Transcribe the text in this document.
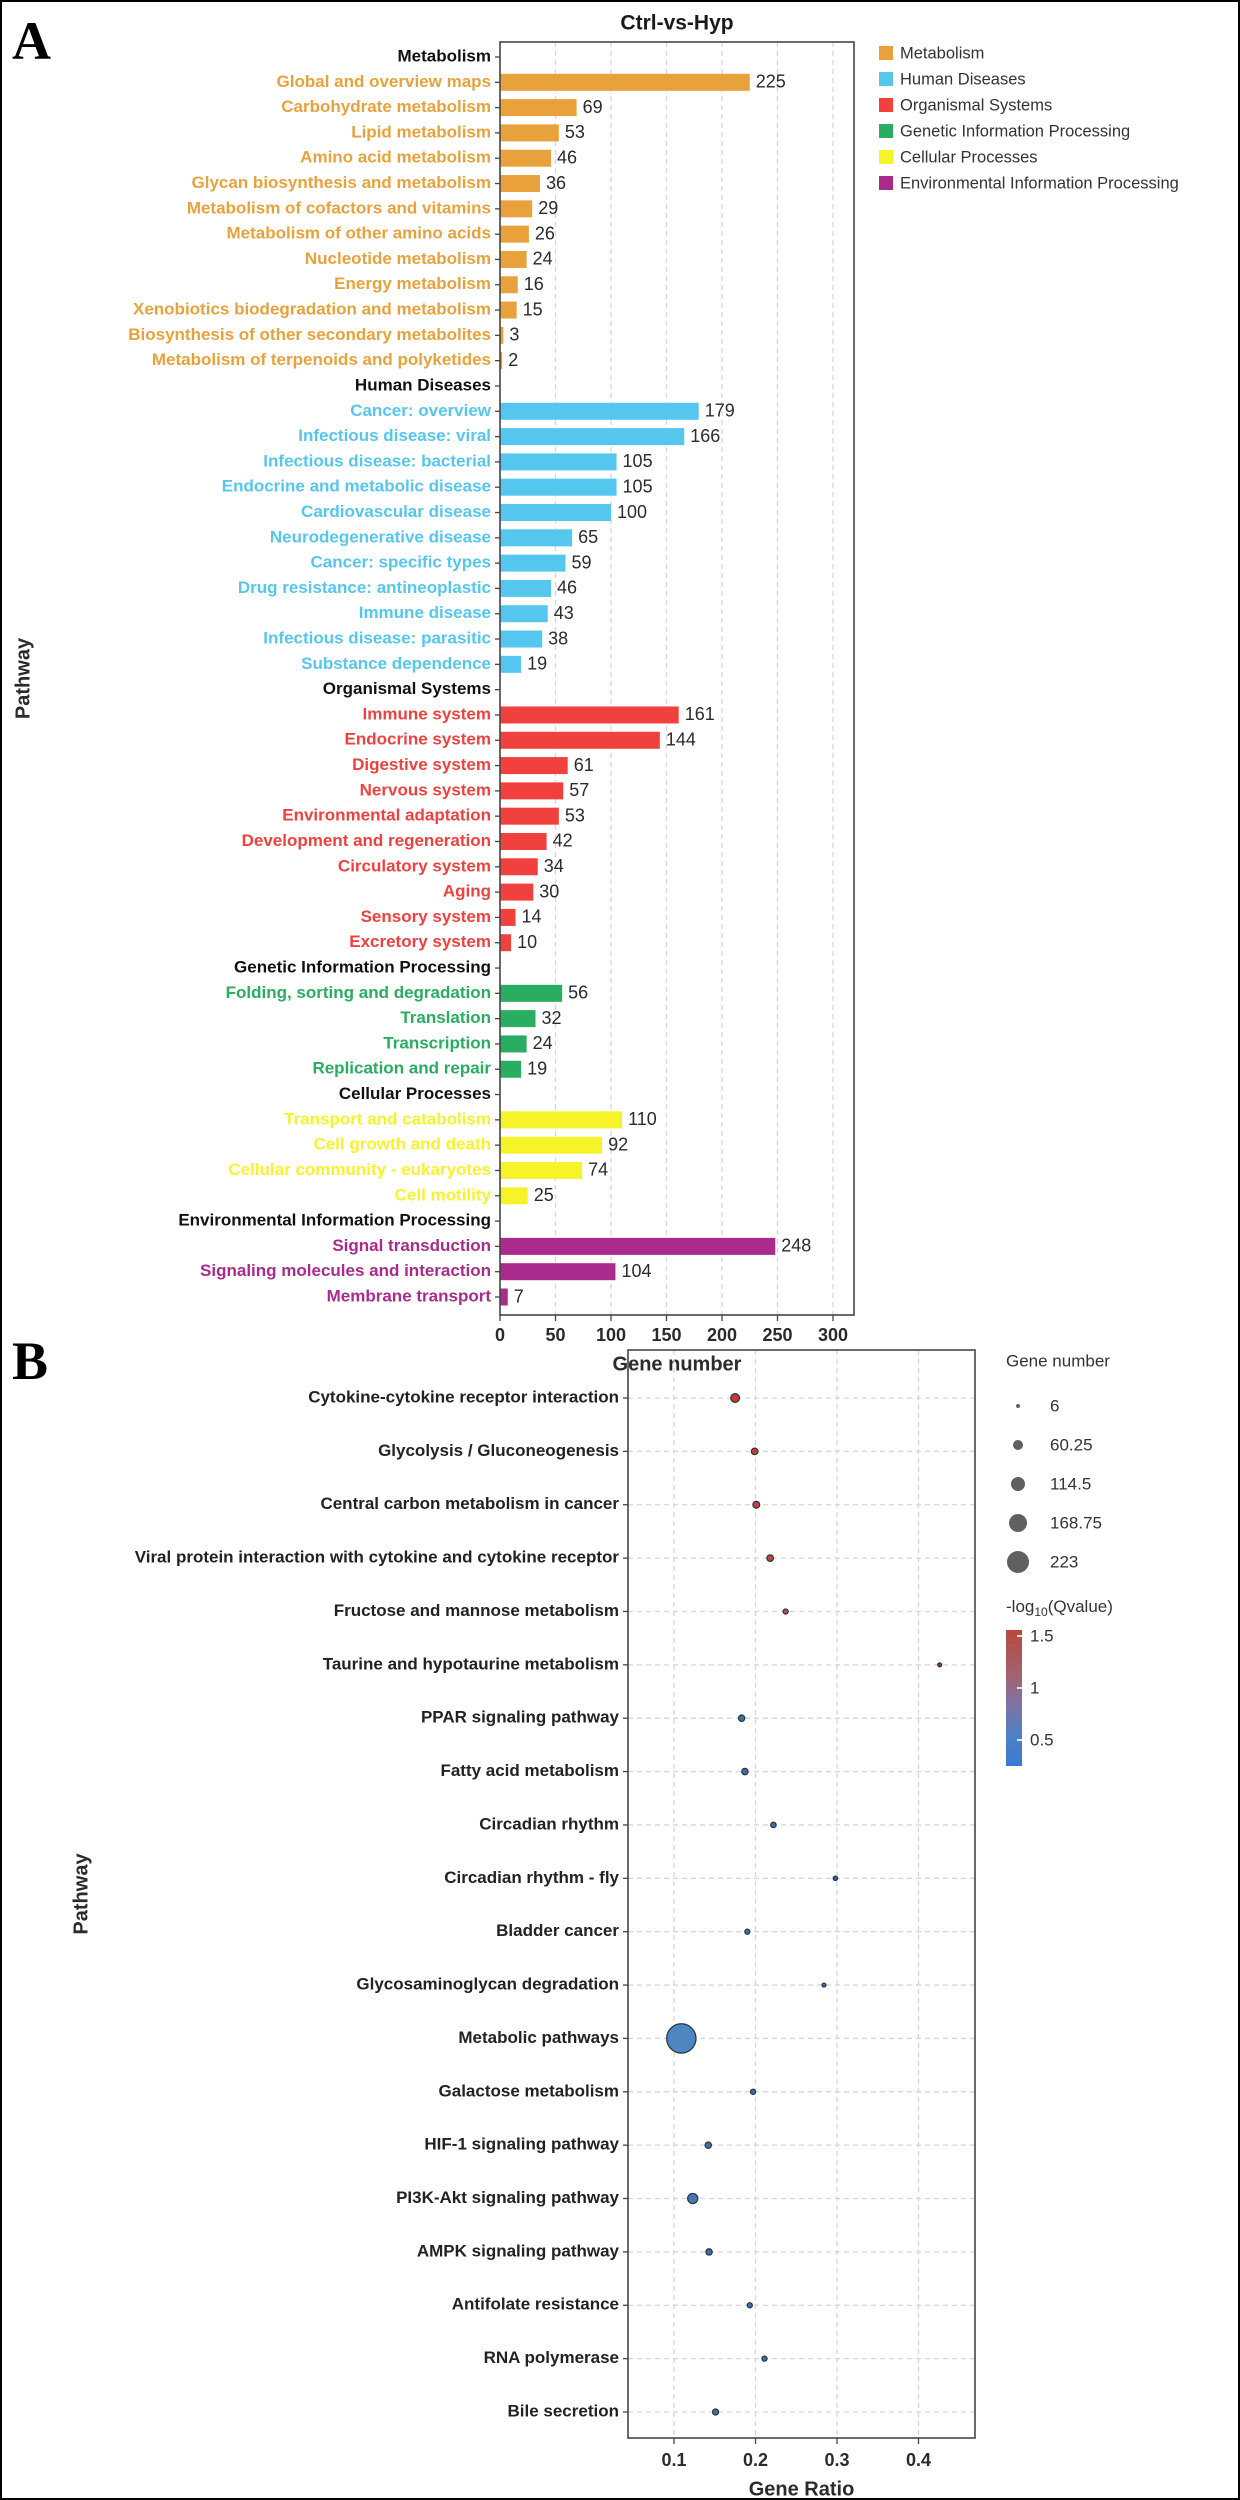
A
B
Ctrl-vs-Hyp
Metabolism
Global and overview maps	225
Carbohydrate metabolism	69
Lipid metabolism	53
Amino acid metabolism	46
Glycan biosynthesis and metabolism	36
Metabolism of cofactors and vitamins	29
Metabolism of other amino acids 26
Nucleotide metabolism 24
Energy metabolism 16
Xenobiotics biodegradation and metabolism 15
Biosynthesis of other secondary metabolites 3
Metabolism of terpenoids and polyketides 2
Human Diseases
Cancer: overview	179
Infectious disease: viral	166
Infectious disease: bacterial	105
Endocrine and metabolic disease	105
Cardiovascular disease	100
Neurodegenerative disease	65
Cancer: specific types	59
Drug resistance: antineoplastic	46
Immune disease	43
Infectious disease: parasitic	38
Substance dependence 19
Organismal Systems
Immune system	161
Endocrine system	144
Digestive system	61
Nervous system	57
Environmental adaptation	53
Development and regeneration	42
Circulatory system	34
Aging	30
Sensory system 14
Excretory system 10
Genetic Information Processing
Folding, sorting and degradation	56
Translation	32
Transcription 24
Replication and repair 19
Cellular Processes
Transport and catabolism	110
Cell growth and death	92
Cellular community - eukaryotes	74
Cell motility 25
Environmental Information Processing
Signal transduction	248
Signaling molecules and interaction	104
Membrane transport 7
0 50 100 150 200 250 300
Gene number
Pathway
Metabolism
Human Diseases
Organismal Systems
Genetic Information Processing
Cellular Processes
Environmental Information Processing
Cytokine-cytokine receptor interaction
Glycolysis / Gluconeogenesis
Central carbon metabolism in cancer
Viral protein interaction with cytokine and cytokine receptor
Fructose and mannose metabolism
Taurine and hypotaurine metabolism
PPAR signaling pathway
Fatty acid metabolism
Circadian rhythm
Circadian rhythm - fly
Bladder cancer
Glycosaminoglycan degradation
Metabolic pathways
Galactose metabolism
HIF-1 signaling pathway
PI3K-Akt signaling pathway
AMPK signaling pathway
Antifolate resistance
RNA polymerase
Bile secretion
0.1	0.2	0.3	0.4
Gene Ratio
Pathway
Gene number
6
60.25
114.5
168.75
223
$-\log_{10}(Qvalue)$
1.5
1
0.5
